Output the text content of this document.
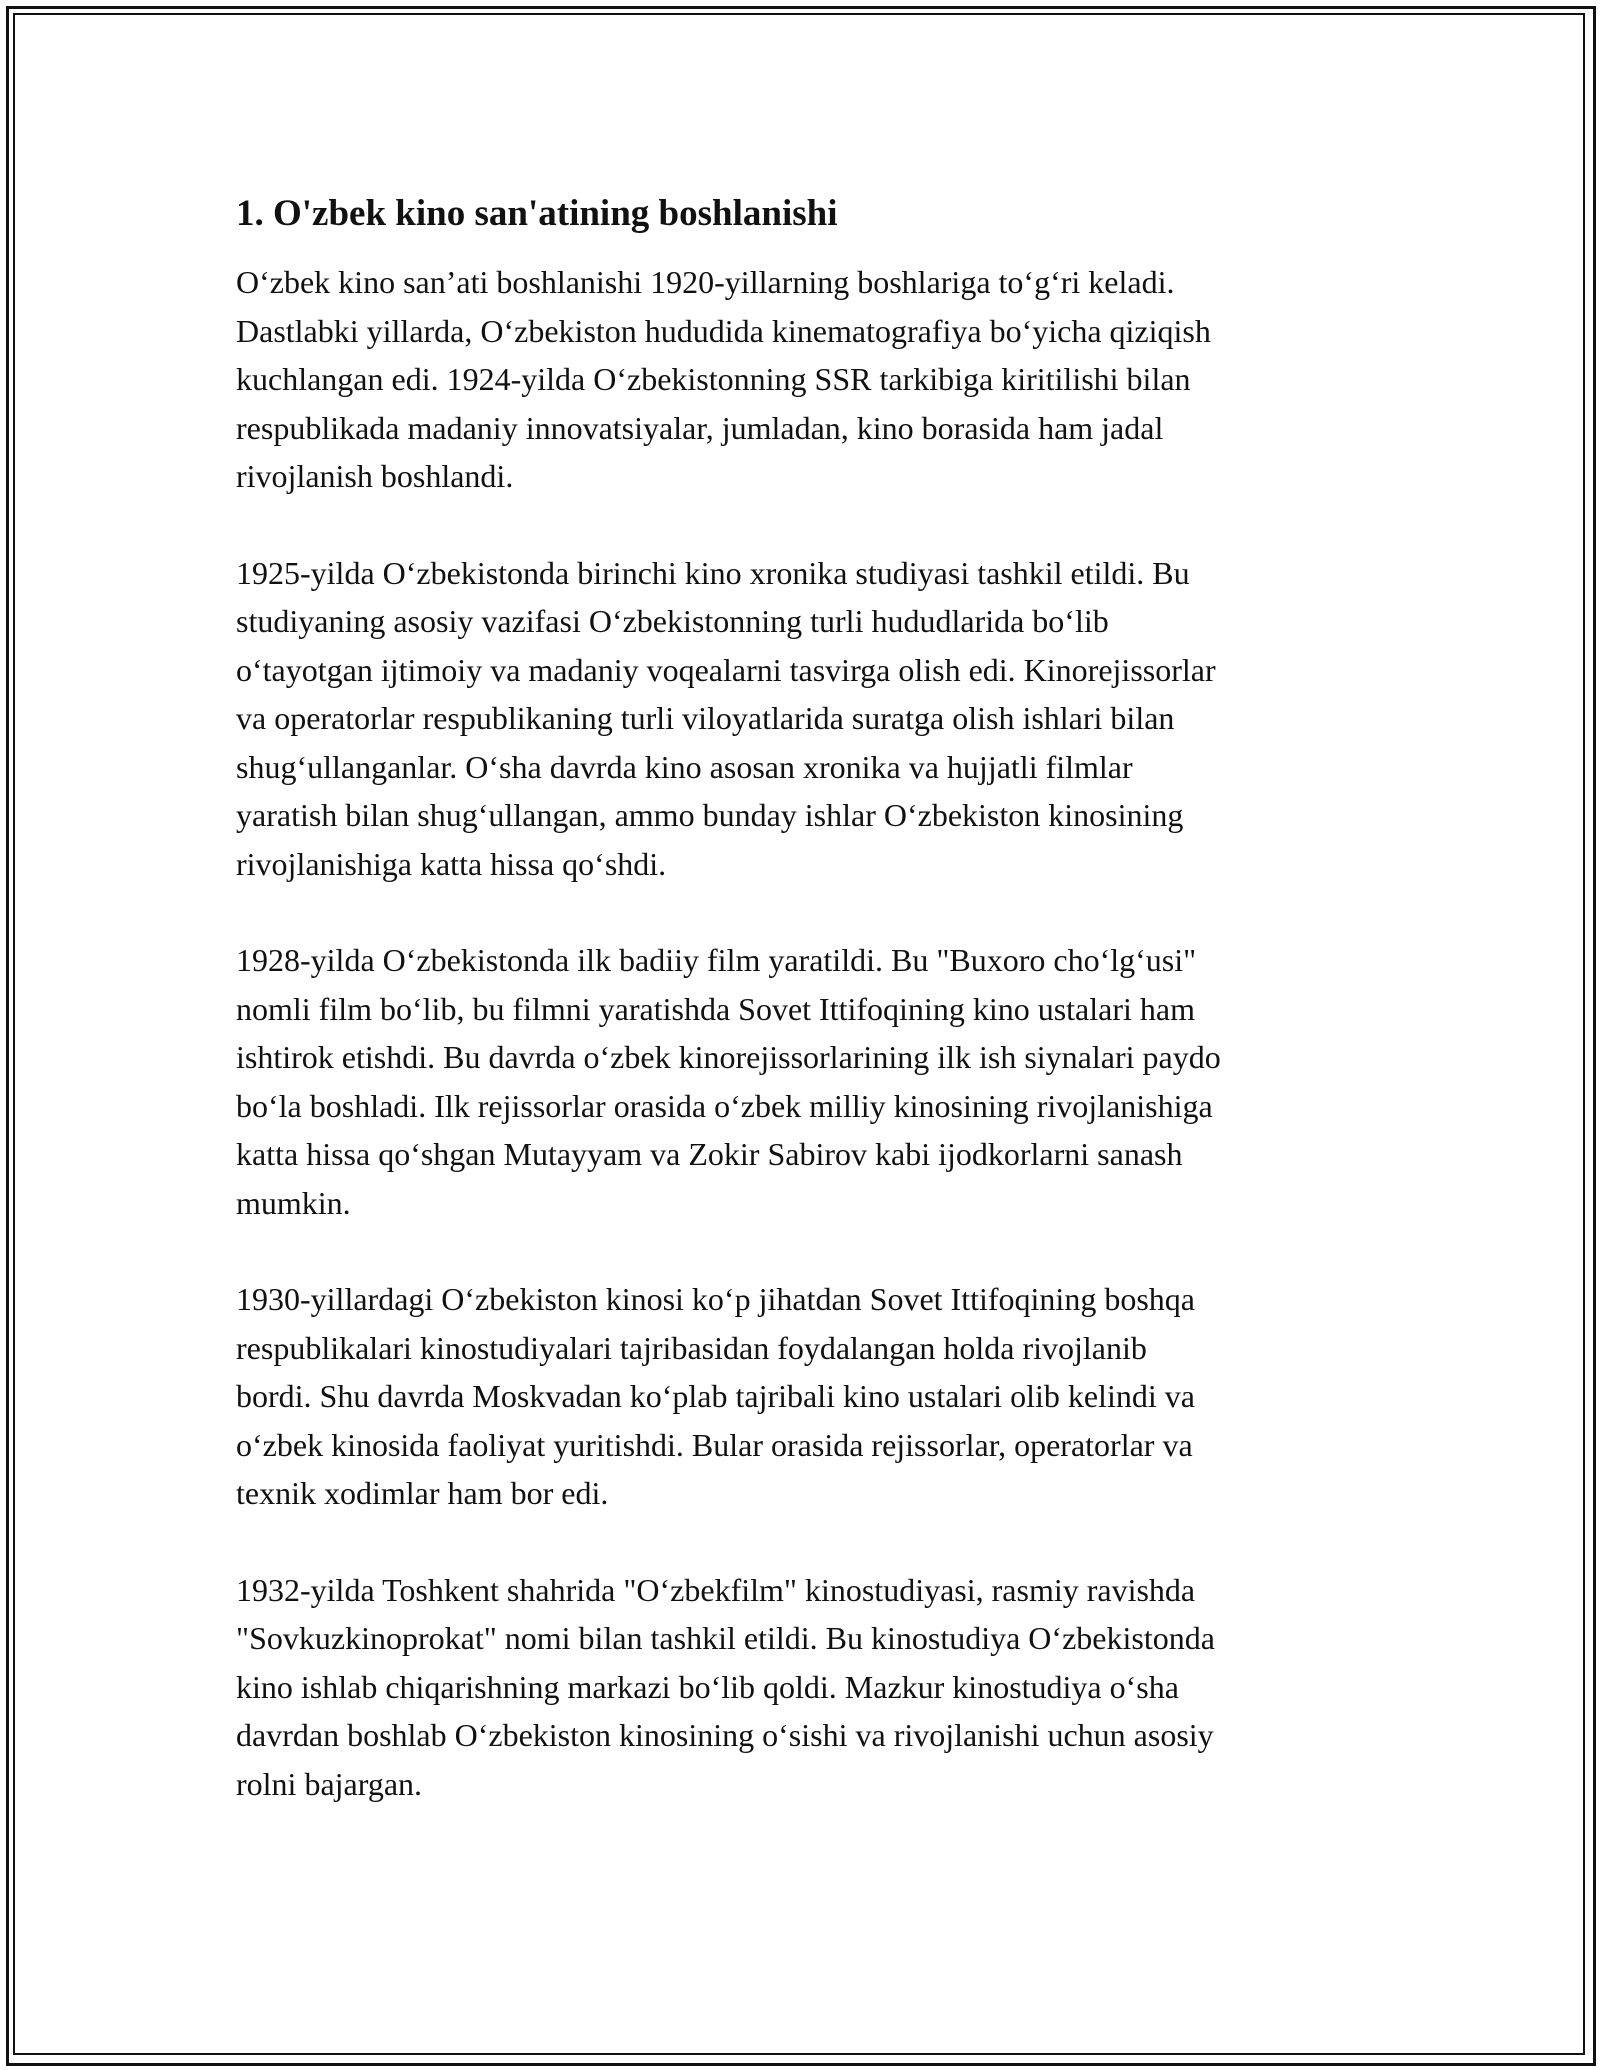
1. O'zbek kino san'atining boshlanishi

Oʻzbek kino san’ati boshlanishi 1920-yillarning boshlariga toʻgʻri keladi.
Dastlabki yillarda, Oʻzbekiston hududida kinematografiya boʻyicha qiziqish
kuchlangan edi. 1924-yilda Oʻzbekistonning SSR tarkibiga kiritilishi bilan
respublikada madaniy innovatsiyalar, jumladan, kino borasida ham jadal
rivojlanish boshlandi.

1925-yilda Oʻzbekistonda birinchi kino xronika studiyasi tashkil etildi. Bu
studiyaning asosiy vazifasi Oʻzbekistonning turli hududlarida boʻlib
oʻtayotgan ijtimoiy va madaniy voqealarni tasvirga olish edi. Kinorejissorlar
va operatorlar respublikaning turli viloyatlarida suratga olish ishlari bilan
shugʻullanganlar. Oʻsha davrda kino asosan xronika va hujjatli filmlar
yaratish bilan shugʻullangan, ammo bunday ishlar Oʻzbekiston kinosining
rivojlanishiga katta hissa qoʻshdi.

1928-yilda Oʻzbekistonda ilk badiiy film yaratildi. Bu "Buxoro choʻlgʻusi"
nomli film boʻlib, bu filmni yaratishda Sovet Ittifoqining kino ustalari ham
ishtirok etishdi. Bu davrda oʻzbek kinorejissorlarining ilk ish siynalari paydo
boʻla boshladi. Ilk rejissorlar orasida oʻzbek milliy kinosining rivojlanishiga
katta hissa qoʻshgan Mutayyam va Zokir Sabirov kabi ijodkorlarni sanash
mumkin.

1930-yillardagi Oʻzbekiston kinosi koʻp jihatdan Sovet Ittifoqining boshqa
respublikalari kinostudiyalari tajribasidan foydalangan holda rivojlanib
bordi. Shu davrda Moskvadan koʻplab tajribali kino ustalari olib kelindi va
oʻzbek kinosida faoliyat yuritishdi. Bular orasida rejissorlar, operatorlar va
texnik xodimlar ham bor edi.

1932-yilda Toshkent shahrida "Oʻzbekfilm" kinostudiyasi, rasmiy ravishda
"Sovkuzkinoprokat" nomi bilan tashkil etildi. Bu kinostudiya Oʻzbekistonda
kino ishlab chiqarishning markazi boʻlib qoldi. Mazkur kinostudiya oʻsha
davrdan boshlab Oʻzbekiston kinosining oʻsishi va rivojlanishi uchun asosiy
rolni bajargan.
